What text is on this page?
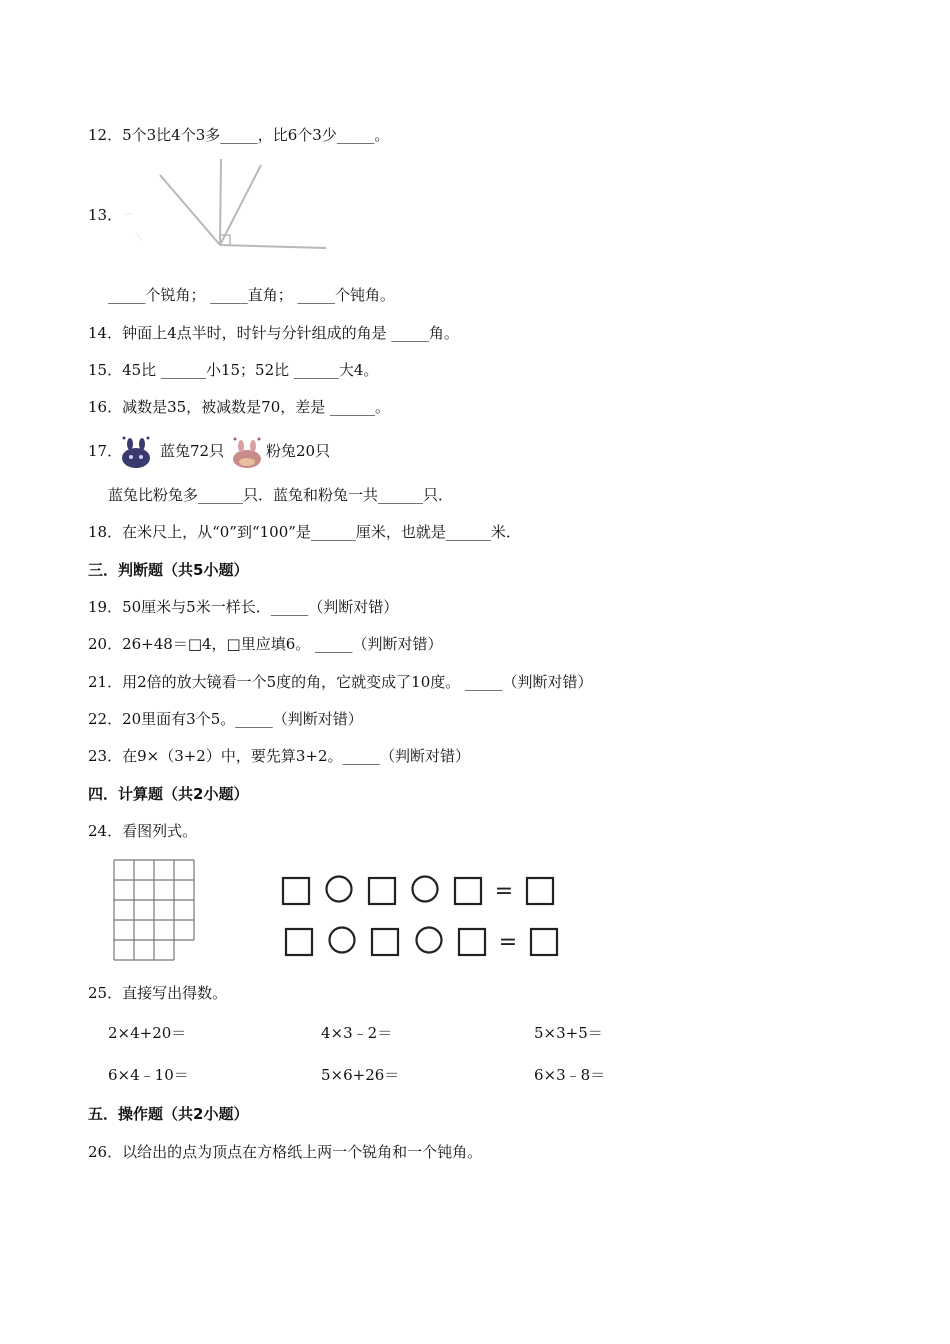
12．5个3比4个3多_____，比6个3少_____。
13．
_____个锐角； _____直角； _____个钝角。
14．钟面上4点半时，时针与分针组成的角是 _____角。
15．45比 ______小15；52比 ______大4。
16．减数是35，被减数是70，差是 ______。
17．	蓝兔72只	粉兔20只
蓝兔比粉兔多______只．蓝兔和粉兔一共______只．
18．在米尺上，从“0”到“100”是______厘米，也就是______米．
三．判断题（共5小题）
19．50厘米与5米一样长．_____（判断对错）
20．26+48＝□4，□里应填6。 _____（判断对错）
21．用2倍的放大镜看一个5度的角，它就变成了10度。 _____（判断对错）
22．20里面有3个5。_____（判断对错）
23．在9×（3+2）中，要先算3+2。_____（判断对错）
四．计算题（共2小题）
24．看图列式。
=
=
25．直接写出得数。
2×4+20＝	4×3﹣2＝	5×3+5＝
6×4﹣10＝	5×6+26＝	6×3﹣8＝
五．操作题（共2小题）
26．以给出的点为顶点在方格纸上两一个锐角和一个钝角。
